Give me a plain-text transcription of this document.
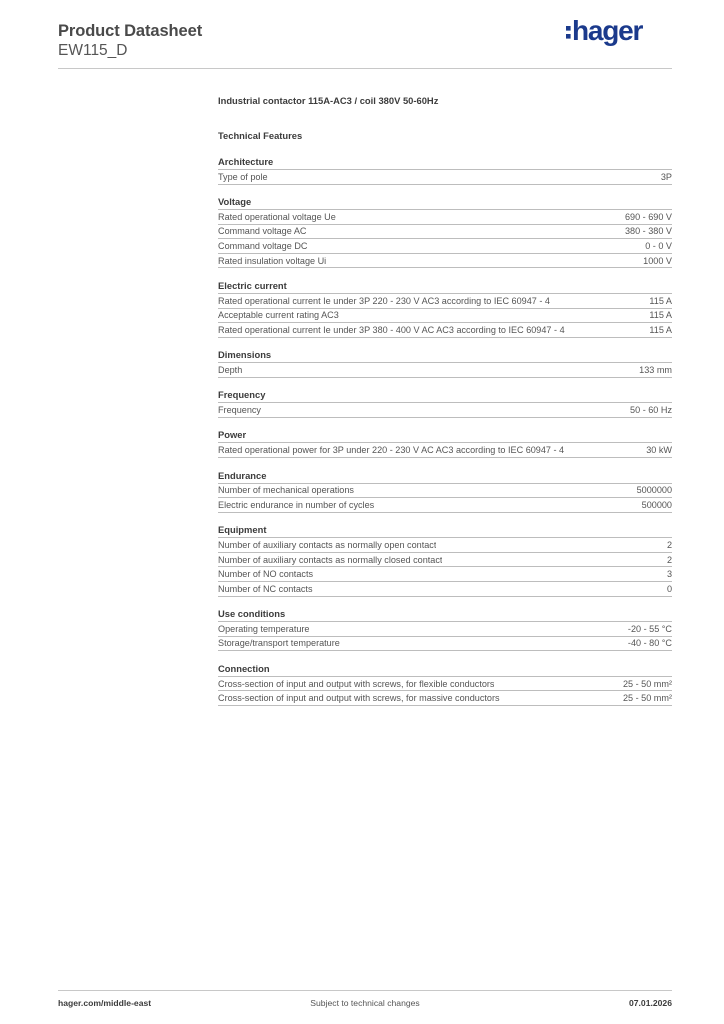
Product Datasheet
EW115_D
hager
Industrial contactor 115A-AC3 / coil 380V 50-60Hz
Technical Features
Architecture
Type of pole	3P
Voltage
Rated operational voltage Ue	690 - 690 V
Command voltage AC	380 - 380 V
Command voltage DC	0 - 0 V
Rated insulation voltage Ui	1000 V
Electric current
Rated operational current Ie under 3P 220 - 230 V AC3 according to IEC 60947 - 4	115 A
Acceptable current rating AC3	115 A
Rated operational current Ie under 3P 380 - 400 V AC AC3 according to IEC 60947 - 4	115 A
Dimensions
Depth	133 mm
Frequency
Frequency	50 - 60 Hz
Power
Rated operational power for 3P under 220 - 230 V AC AC3 according to IEC 60947 - 4	30 kW
Endurance
Number of mechanical operations	5000000
Electric endurance in number of cycles	500000
Equipment
Number of auxiliary contacts as normally open contact	2
Number of auxiliary contacts as normally closed contact	2
Number of NO contacts	3
Number of NC contacts	0
Use conditions
Operating temperature	-20 - 55 °C
Storage/transport temperature	-40 - 80 °C
Connection
Cross-section of input and output with screws, for flexible conductors	25 - 50 mm²
Cross-section of input and output with screws, for massive conductors	25 - 50 mm²
hager.com/middle-east	Subject to technical changes	07.01.2026
